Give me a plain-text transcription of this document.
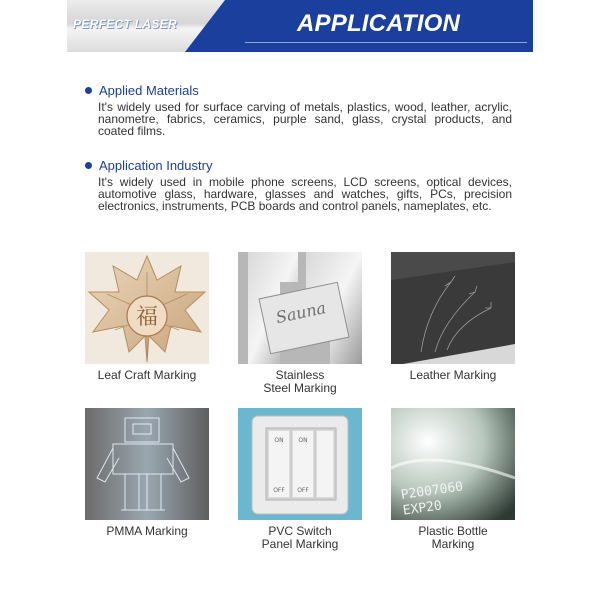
PERFECT LASER	APPLICATION
Applied Materials
It's widely used for surface carving of metals, plastics, wood, leather, acrylic, nanometre, fabrics, ceramics, purple sand, glass, crystal products, and coated films.
Application Industry
It's widely used in mobile phone screens, LCD screens, optical devices, automotive glass, hardware, glasses and watches, gifts, PCs, precision electronics, instruments, PCB boards and control panels, nameplates, etc.
福
Leaf Craft Marking
Sauna
Stainless
Steel Marking
Leather Marking
PMMA Marking
ON ON
OFF OFF
PVC Switch
Panel Marking
P2007060
EXP20
Plastic Bottle
Marking
